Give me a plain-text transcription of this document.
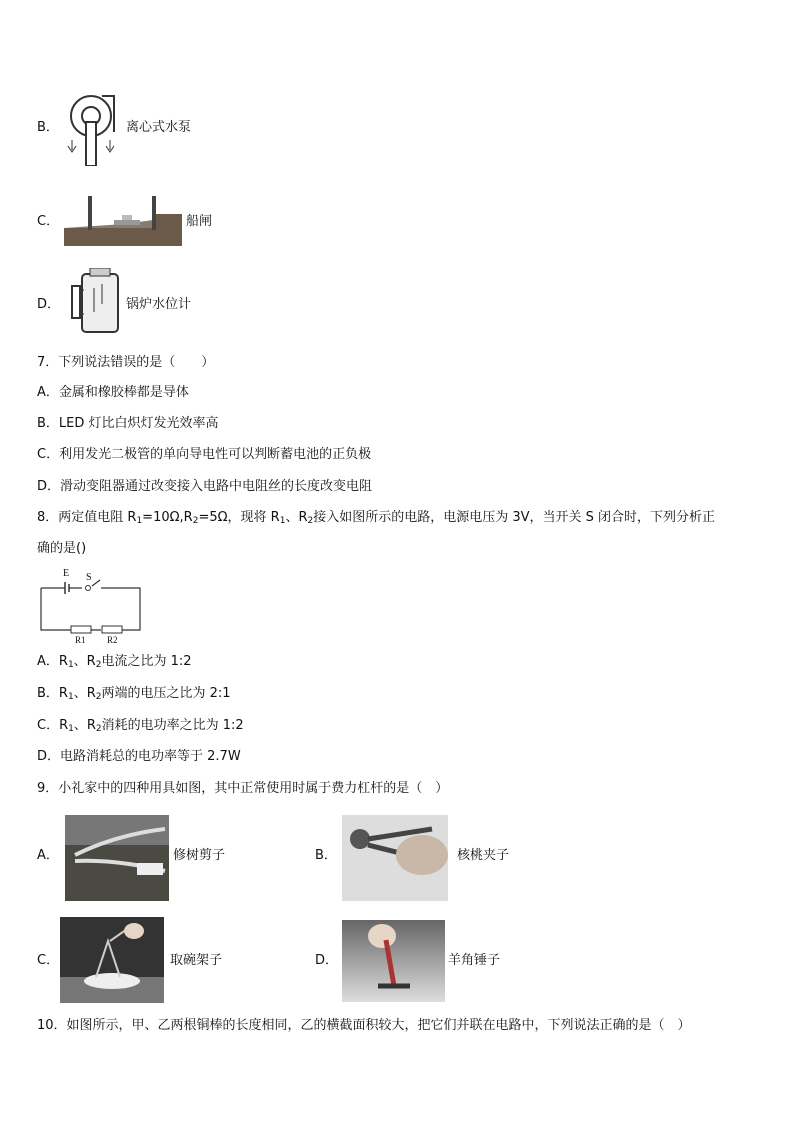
B．	离心式水泵
C．	船闸
D．	锅炉水位计
7．下列说法错误的是（　　）
A．金属和橡胶棒都是导体
B．LED 灯比白炽灯发光效率高
C．利用发光二极管的单向导电性可以判断蓄电池的正负极
D．滑动变阻器通过改变接入电路中电阻丝的长度改变电阻
8．两定值电阻 $R_1=10\Omega,R_2=5\Omega$，现将 $R_1$、$R_2$接入如图所示的电路，电源电压为 3V，当开关 S 闭合时，下列分析正
确的是()
E S
R1 R2
A．$R_1$、$R_2$电流之比为 1:2
B．$R_1$、$R_2$两端的电压之比为 2:1
C．$R_1$、$R_2$消耗的电功率之比为 1:2
D．电路消耗总的电功率等于 2.7W
9．小礼家中的四种用具如图，其中正常使用时属于费力杠杆的是（　）
A．	修树剪子	B．	核桃夹子
C．	取碗架子	D．	羊角锤子
10．如图所示，甲、乙两根铜棒的长度相同，乙的横截面积较大，把它们并联在电路中，下列说法正确的是（　）
